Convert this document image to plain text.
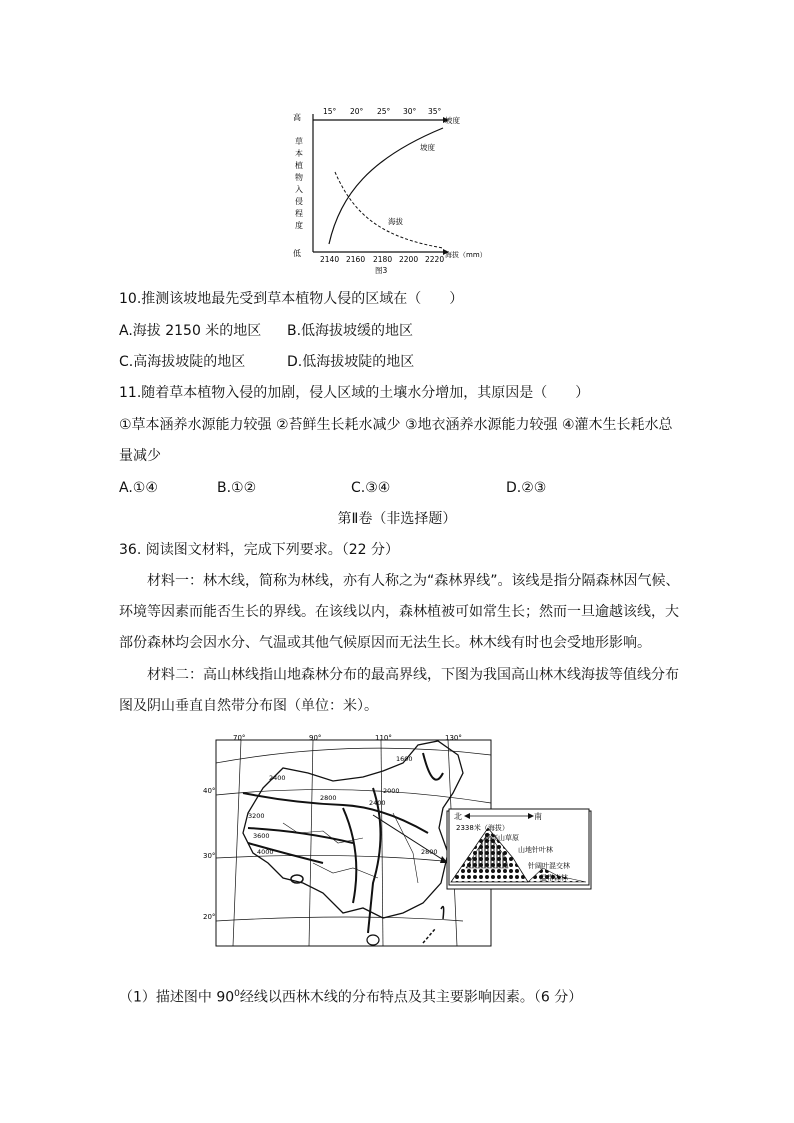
高
草
本
植
物
入
侵
程
度
低
15° 20° 25° 30° 35°
坡度
坡度
海拔
2140 2160 2180 2200 2220 海拔（mm）
图3
10.推测该坡地最先受到草本植物人侵的区域在（　　）
A.海拔 2150 米的地区 B.低海拔坡缓的地区
C.高海拔坡陡的地区	D.低海拔坡陡的地区
11.随着草本植物入侵的加剧，侵人区域的土壤水分增加，其原因是（　　）
①草本涵养水源能力较强 ②苔鲜生长耗水减少 ③地衣涵养水源能力较强 ④灌木生长耗水总
量减少
A.①④	B.①②	C.③④	D.②③
第Ⅱ卷（非选择题）
36. 阅读图文材料，完成下列要求。（22 分）
材料一：林木线，简称为林线，亦有人称之为“森林界线”。该线是指分隔森林因气候、
环境等因素而能否生长的界线。在该线以内，森林植被可如常生长；然而一旦逾越该线，大
部份森林均会因水分、气温或其他气候原因而无法生长。林木线有时也会受地形影响。
材料二：高山林线指山地森林分布的最高界线，下图为我国高山林木线海拔等值线分布
图及阴山垂直自然带分布图（单位：米）。
70°	90°	110°	130°
40°
30°
20°
1600
2400
2800
2000
2400
3200
3600
4000	2800
北	南
2338米（海拔）
亚高山草原
山地针叶林
针阔叶混交林
温带森林
（1）描述图中 $90^0$经线以西林木线的分布特点及其主要影响因素。（6 分）
